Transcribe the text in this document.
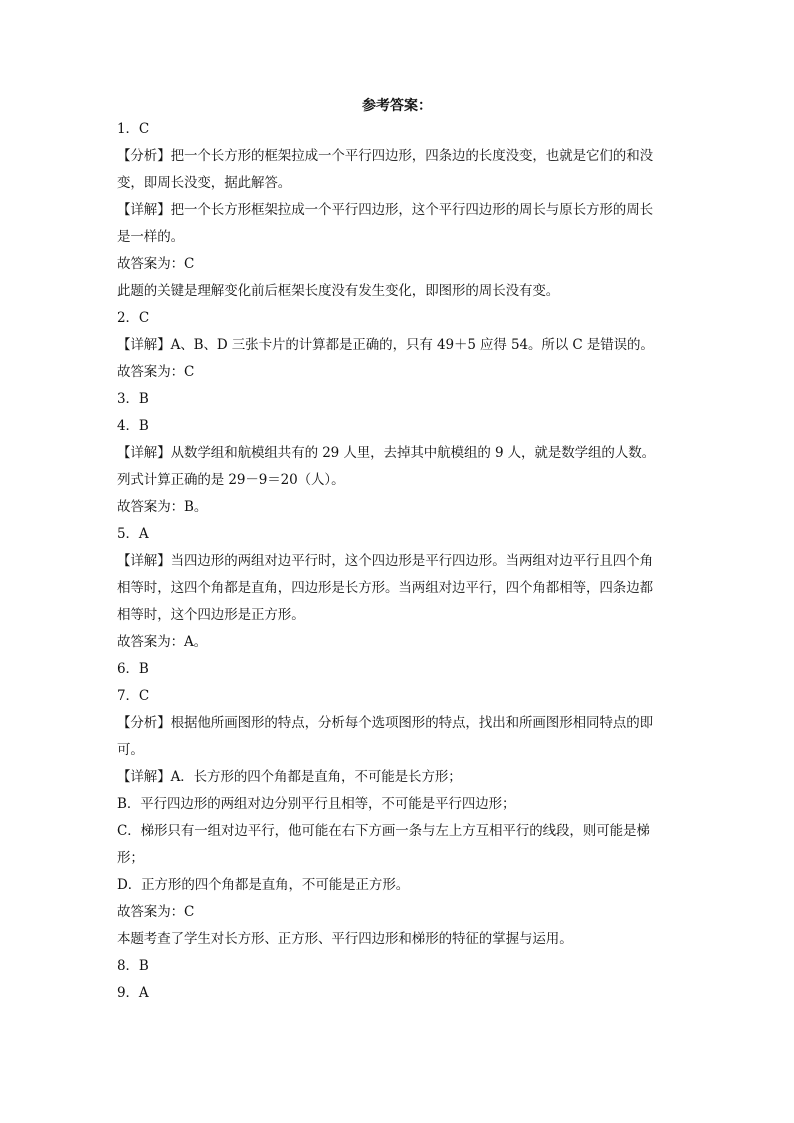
参考答案：

1．C

【分析】把一个长方形的框架拉成一个平行四边形，四条边的长度没变，也就是它们的和没

变，即周长没变，据此解答。

【详解】把一个长方形框架拉成一个平行四边形，这个平行四边形的周长与原长方形的周长

是一样的。

故答案为：C

此题的关键是理解变化前后框架长度没有发生变化，即图形的周长没有变。

2．C

【详解】A、B、D 三张卡片的计算都是正确的，只有 49＋5 应得 54。所以 C 是错误的。

故答案为：C

3．B

4．B

【详解】从数学组和航模组共有的 29 人里，去掉其中航模组的 9 人，就是数学组的人数。

列式计算正确的是 29－9＝20（人）。

故答案为：B。

5．A

【详解】当四边形的两组对边平行时，这个四边形是平行四边形。当两组对边平行且四个角

相等时，这四个角都是直角，四边形是长方形。当两组对边平行，四个角都相等，四条边都

相等时，这个四边形是正方形。

故答案为：A。

6．B

7．C

【分析】根据他所画图形的特点，分析每个选项图形的特点，找出和所画图形相同特点的即

可。

【详解】A．长方形的四个角都是直角，不可能是长方形；

B．平行四边形的两组对边分别平行且相等，不可能是平行四边形；

C．梯形只有一组对边平行，他可能在右下方画一条与左上方互相平行的线段，则可能是梯

形；

D．正方形的四个角都是直角，不可能是正方形。

故答案为：C

本题考查了学生对长方形、正方形、平行四边形和梯形的特征的掌握与运用。

8．B

9．A
